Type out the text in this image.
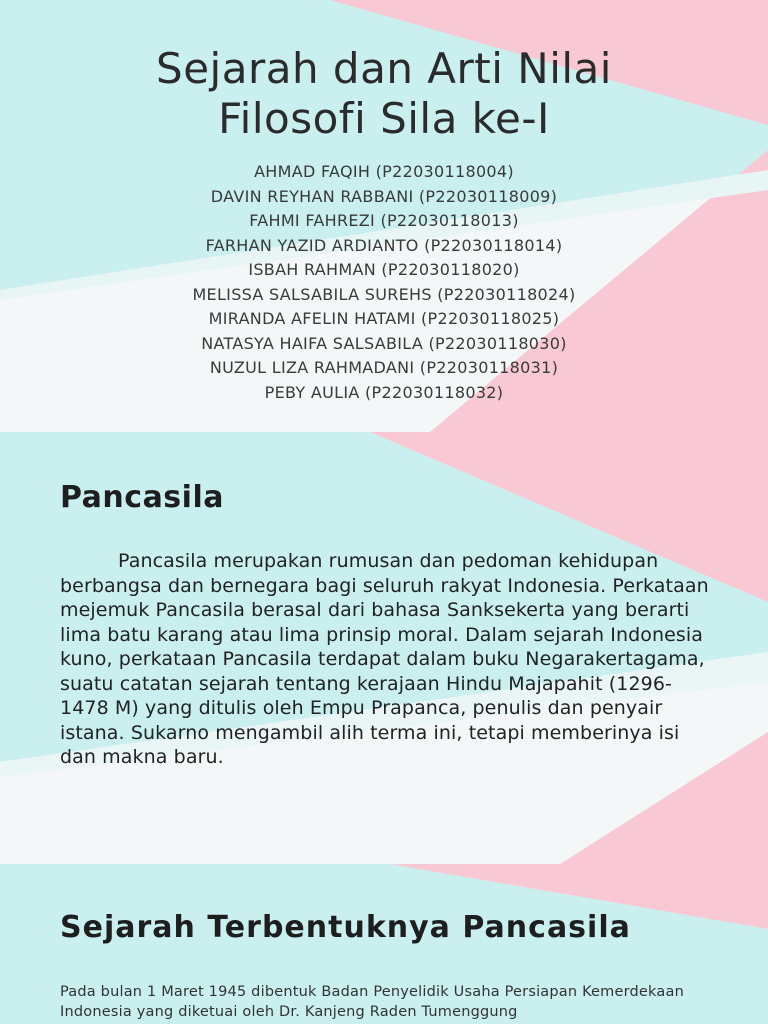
Sejarah dan Arti Nilai
Filosofi Sila ke-I
AHMAD FAQIH (P22030118004)
DAVIN REYHAN RABBANI (P22030118009)
FAHMI FAHREZI (P22030118013)
FARHAN YAZID ARDIANTO (P22030118014)
ISBAH RAHMAN (P22030118020)
MELISSA SALSABILA SUREHS (P22030118024)
MIRANDA AFELIN HATAMI (P22030118025)
NATASYA HAIFA SALSABILA (P22030118030)
NUZUL LIZA RAHMADANI (P22030118031)
PEBY AULIA (P22030118032)
Pancasila
Pancasila merupakan rumusan dan pedoman kehidupan berbangsa dan bernegara bagi seluruh rakyat Indonesia. Perkataan mejemuk Pancasila berasal dari bahasa Sanksekerta yang berarti lima batu karang atau lima prinsip moral. Dalam sejarah Indonesia kuno, perkataan Pancasila terdapat dalam buku Negarakertagama, suatu catatan sejarah tentang kerajaan Hindu Majapahit (1296-1478 M) yang ditulis oleh Empu Prapanca, penulis dan penyair istana. Sukarno mengambil alih terma ini, tetapi memberinya isi dan makna baru.
Sejarah Terbentuknya Pancasila
Pada bulan 1 Maret 1945 dibentuk Badan Penyelidik Usaha Persiapan Kemerdekaan Indonesia yang diketuai oleh Dr. Kanjeng Raden Tumenggung
